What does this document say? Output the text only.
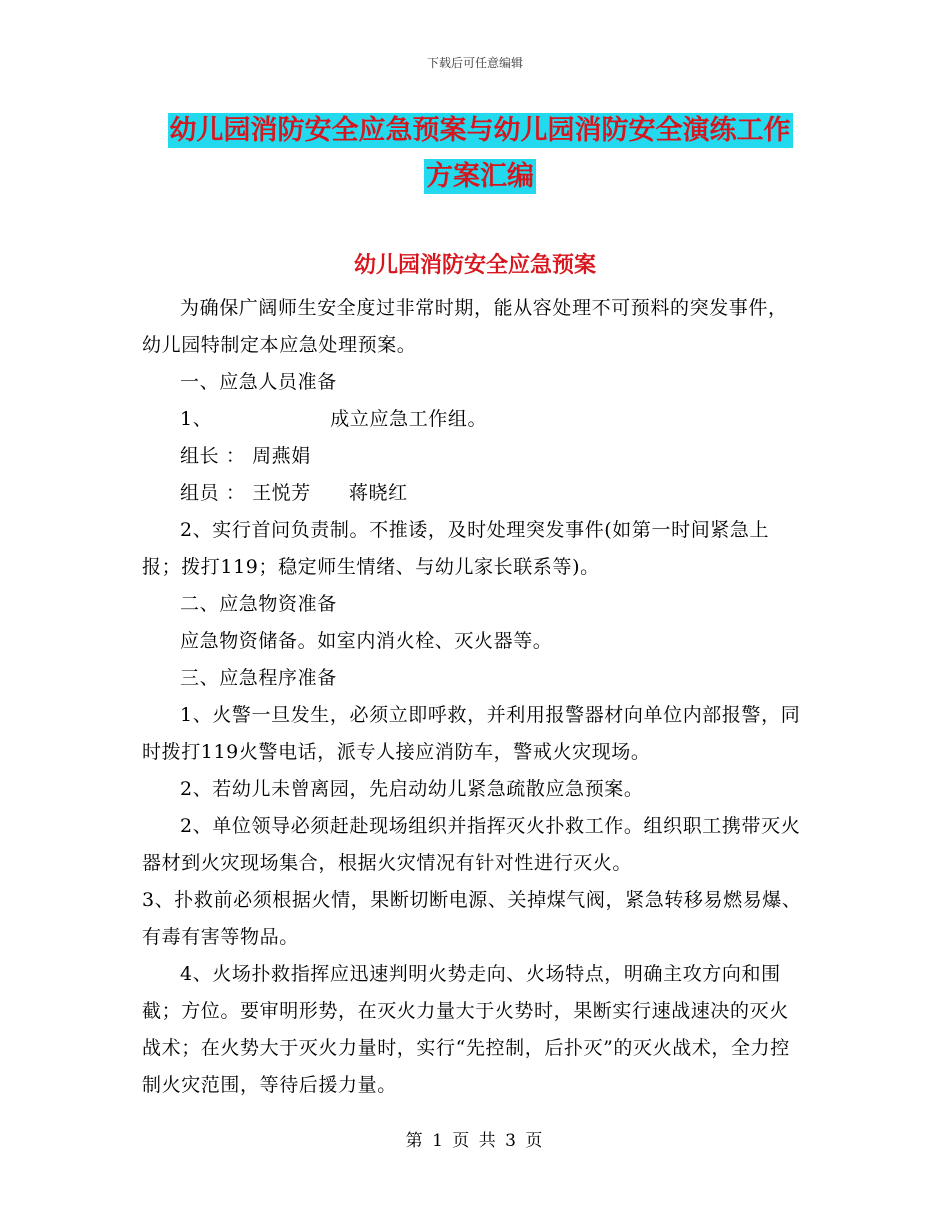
下载后可任意编辑
幼儿园消防安全应急预案与幼儿园消防安全演练工作
方案汇编
幼儿园消防安全应急预案

为确保广阔师生安全度过非常时期，能从容处理不可预料的突发事件，幼儿园特制定本应急处理预案。

一、应急人员准备

1、	成立应急工作组。

组长 ： 周燕娟

组员 ： 王悦芳 蒋晓红

2、实行首问负责制。不推诿，及时处理突发事件(如第一时间紧急上报；拨打119；稳定师生情绪、与幼儿家长联系等)。

二、应急物资准备

应急物资储备。如室内消火栓、灭火器等。

三、应急程序准备

1、火警一旦发生，必须立即呼救，并利用报警器材向单位内部报警，同时拨打119火警电话，派专人接应消防车，警戒火灾现场。

2、若幼儿未曾离园，先启动幼儿紧急疏散应急预案。

2、单位领导必须赶赴现场组织并指挥灭火扑救工作。组织职工携带灭火器材到火灾现场集合，根据火灾情况有针对性进行灭火。

3、扑救前必须根据火情，果断切断电源、关掉煤气阀，紧急转移易燃易爆、有毒有害等物品。

4、火场扑救指挥应迅速判明火势走向、火场特点，明确主攻方向和围截；方位。要审明形势，在灭火力量大于火势时，果断实行速战速决的灭火战术；在火势大于灭火力量时，实行“先控制，后扑灭”的灭火战术，全力控制火灾范围，等待后援力量。

第 1 页 共 3 页
